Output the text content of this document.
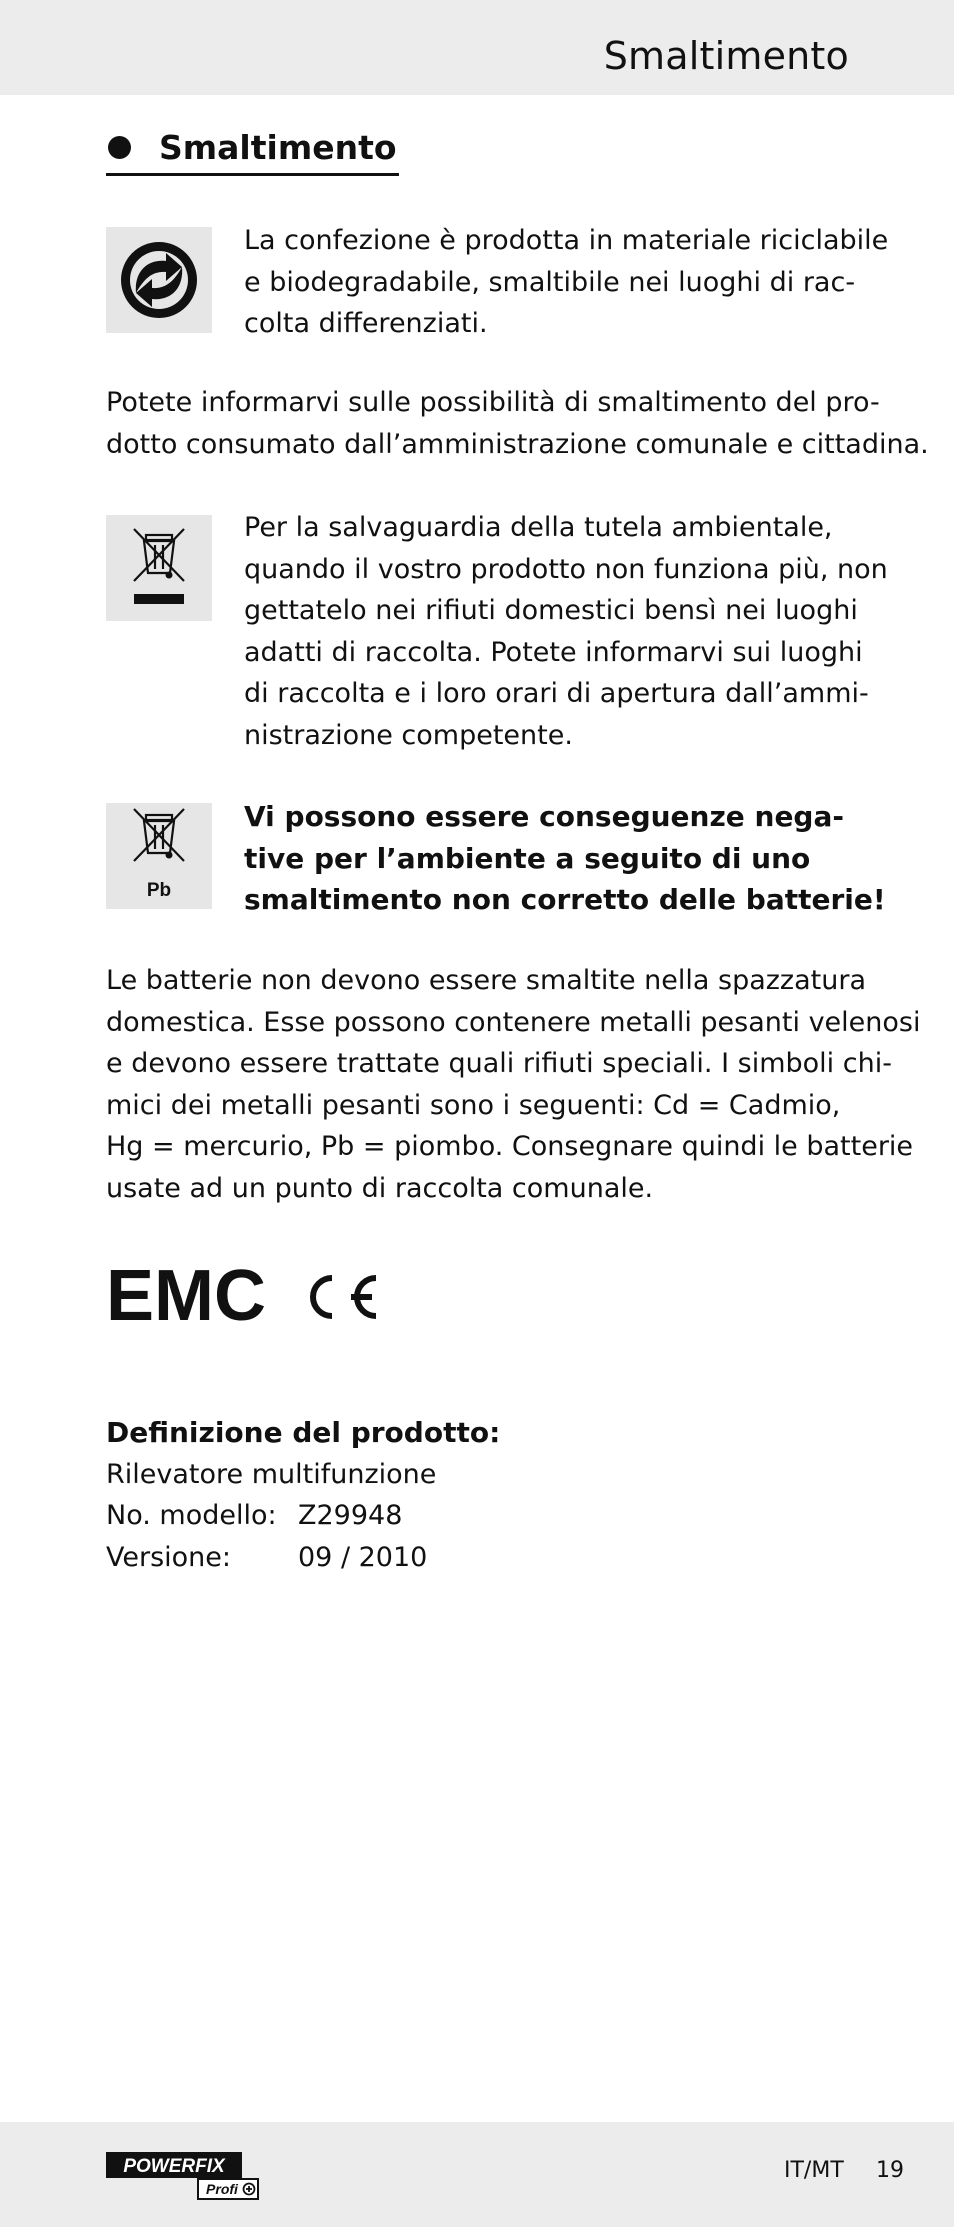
Smaltimento
Smaltimento
La confezione è prodotta in materiale riciclabile
e biodegradabile, smaltibile nei luoghi di rac-
colta differenziati.
Potete informarvi sulle possibilità di smaltimento del pro-
dotto consumato dall’amministrazione comunale e cittadina.
Per la salvaguardia della tutela ambientale,
quando il vostro prodotto non funziona più, non
gettatelo nei rifiuti domestici bensì nei luoghi
adatti di raccolta. Potete informarvi sui luoghi
di raccolta e i loro orari di apertura dall’ammi-
nistrazione competente.
Pb
Vi possono essere conseguenze nega-
tive per l’ambiente a seguito di uno
smaltimento non corretto delle batterie!
Le batterie non devono essere smaltite nella spazzatura
domestica. Esse possono contenere metalli pesanti velenosi
e devono essere trattate quali rifiuti speciali. I simboli chi-
mici dei metalli pesanti sono i seguenti: Cd = Cadmio,
Hg = mercurio, Pb = piombo. Consegnare quindi le batterie
usate ad un punto di raccolta comunale.
EMC
Definizione del prodotto:
Rilevatore multifunzione
No. modello: Z29948
Versione:	09 / 2010
POWERFIX
Profi
IT/MT 19
